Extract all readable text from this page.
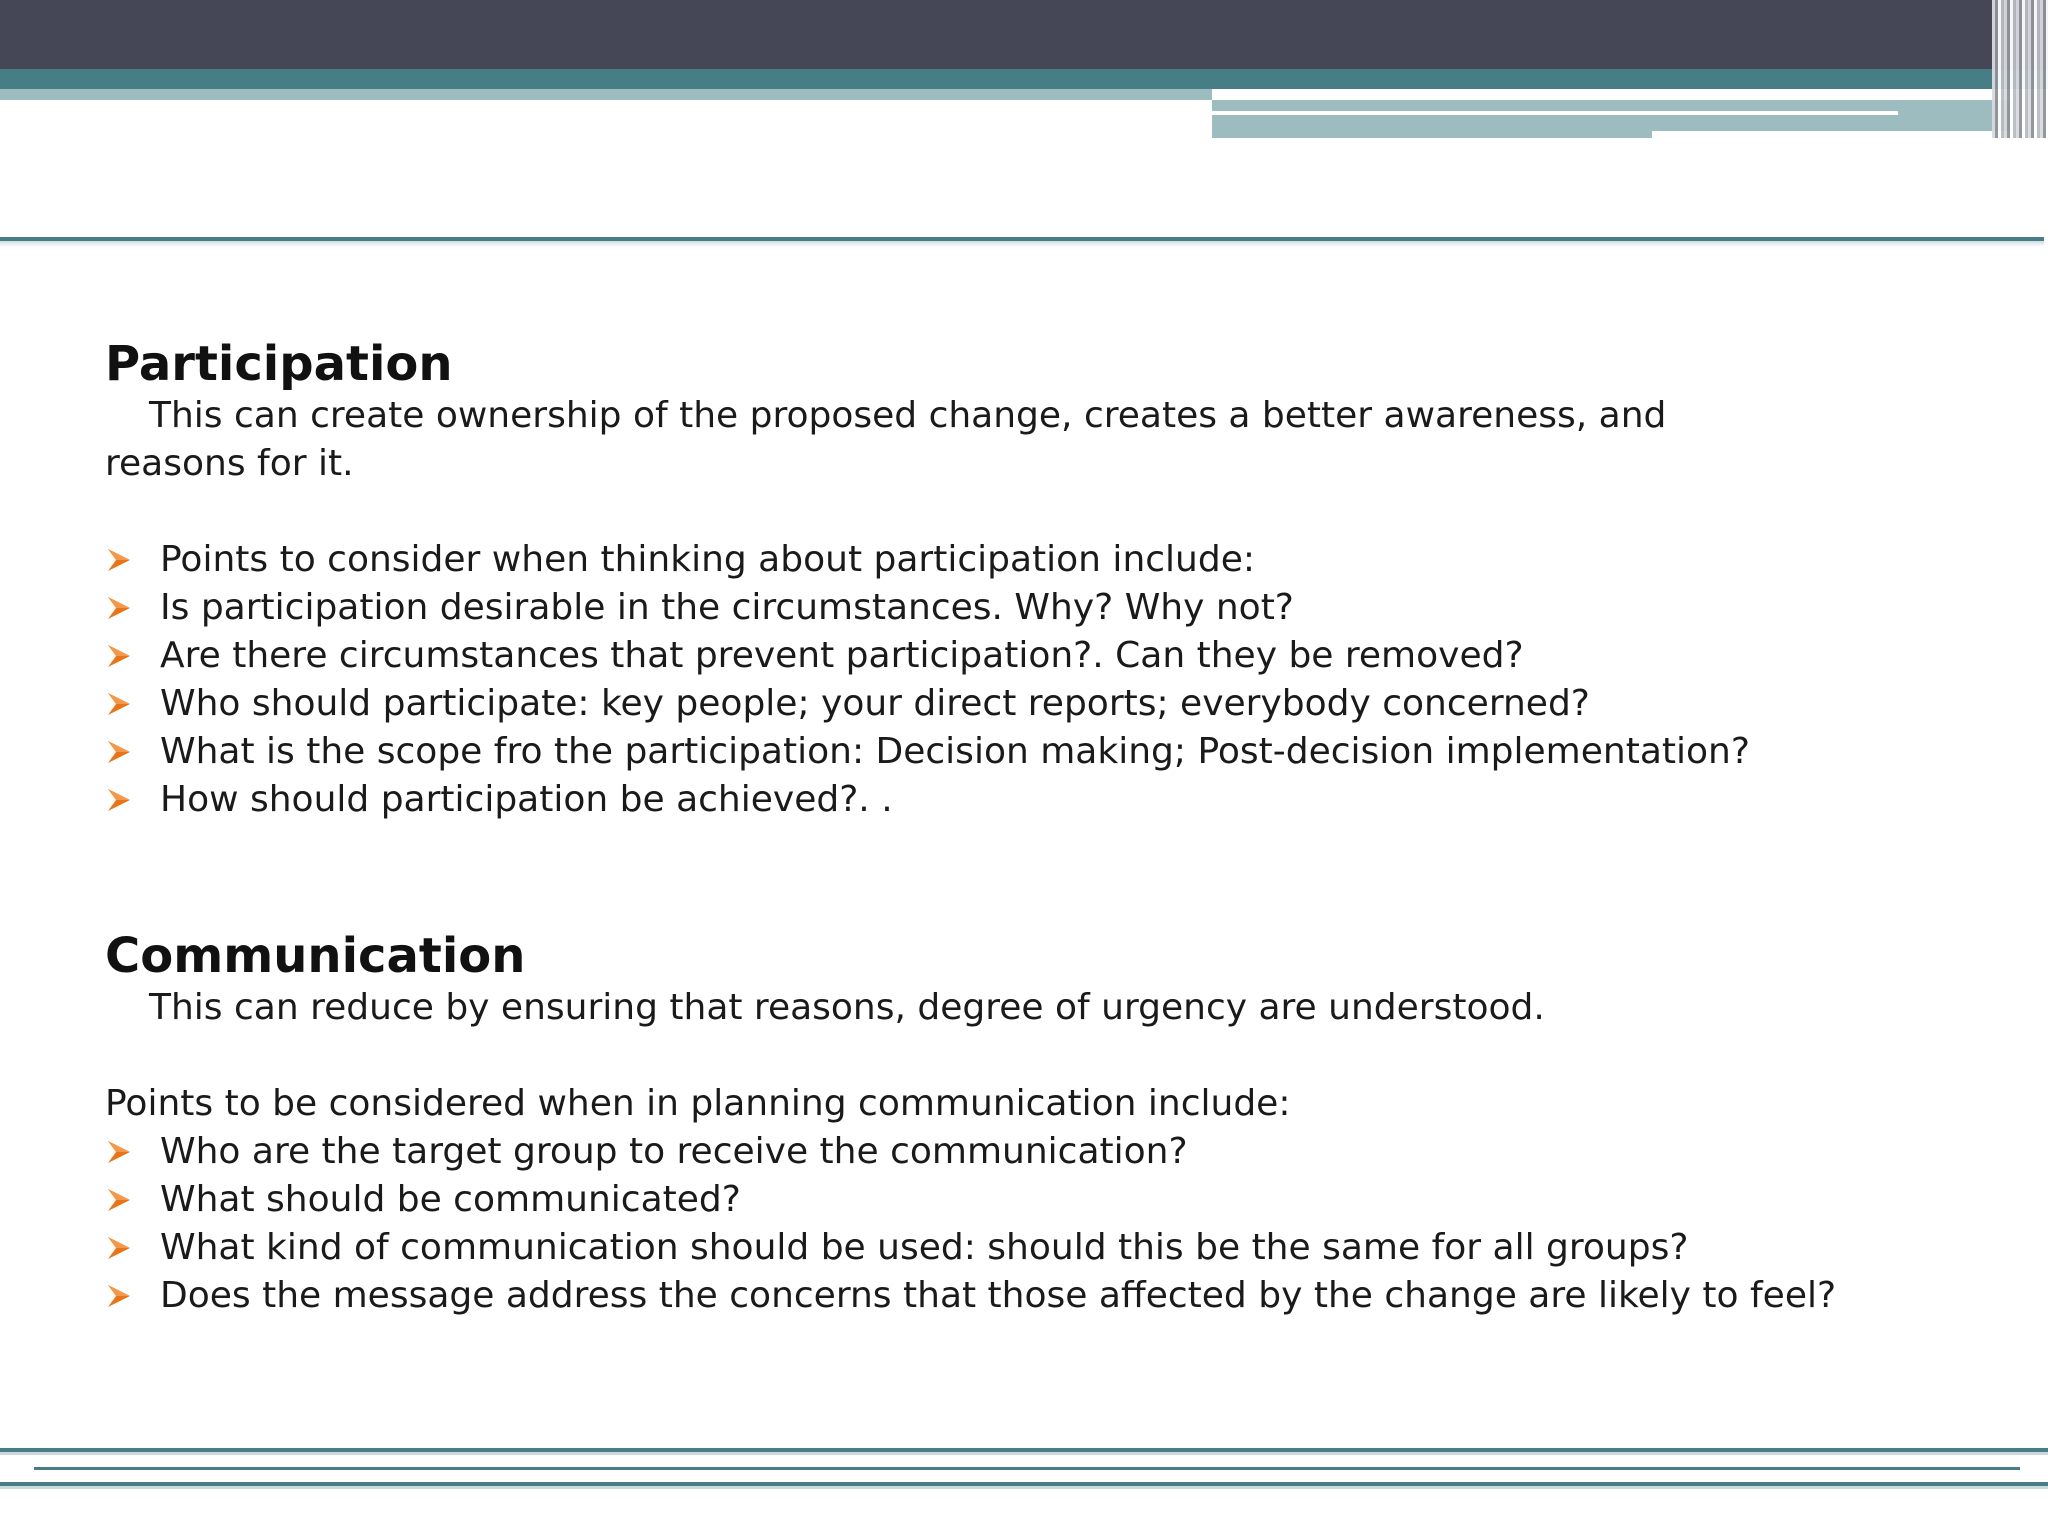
Participation

This can create ownership of the proposed change, creates a better awareness, and

reasons for it.

Points to consider when thinking about participation include:
Is participation desirable in the circumstances. Why? Why not?
Are there circumstances that prevent participation?. Can they be removed?
Who should participate: key people; your direct reports; everybody concerned?
What is the scope fro the participation: Decision making; Post-decision implementation?
How should participation be achieved?. .
Communication

This can reduce by ensuring that reasons, degree of urgency are understood.

Points to be considered when in planning communication include:

Who are the target group to receive the communication?
What should be communicated?
What kind of communication should be used: should this be the same for all groups?
Does the message address the concerns that those affected by the change are likely to feel?
